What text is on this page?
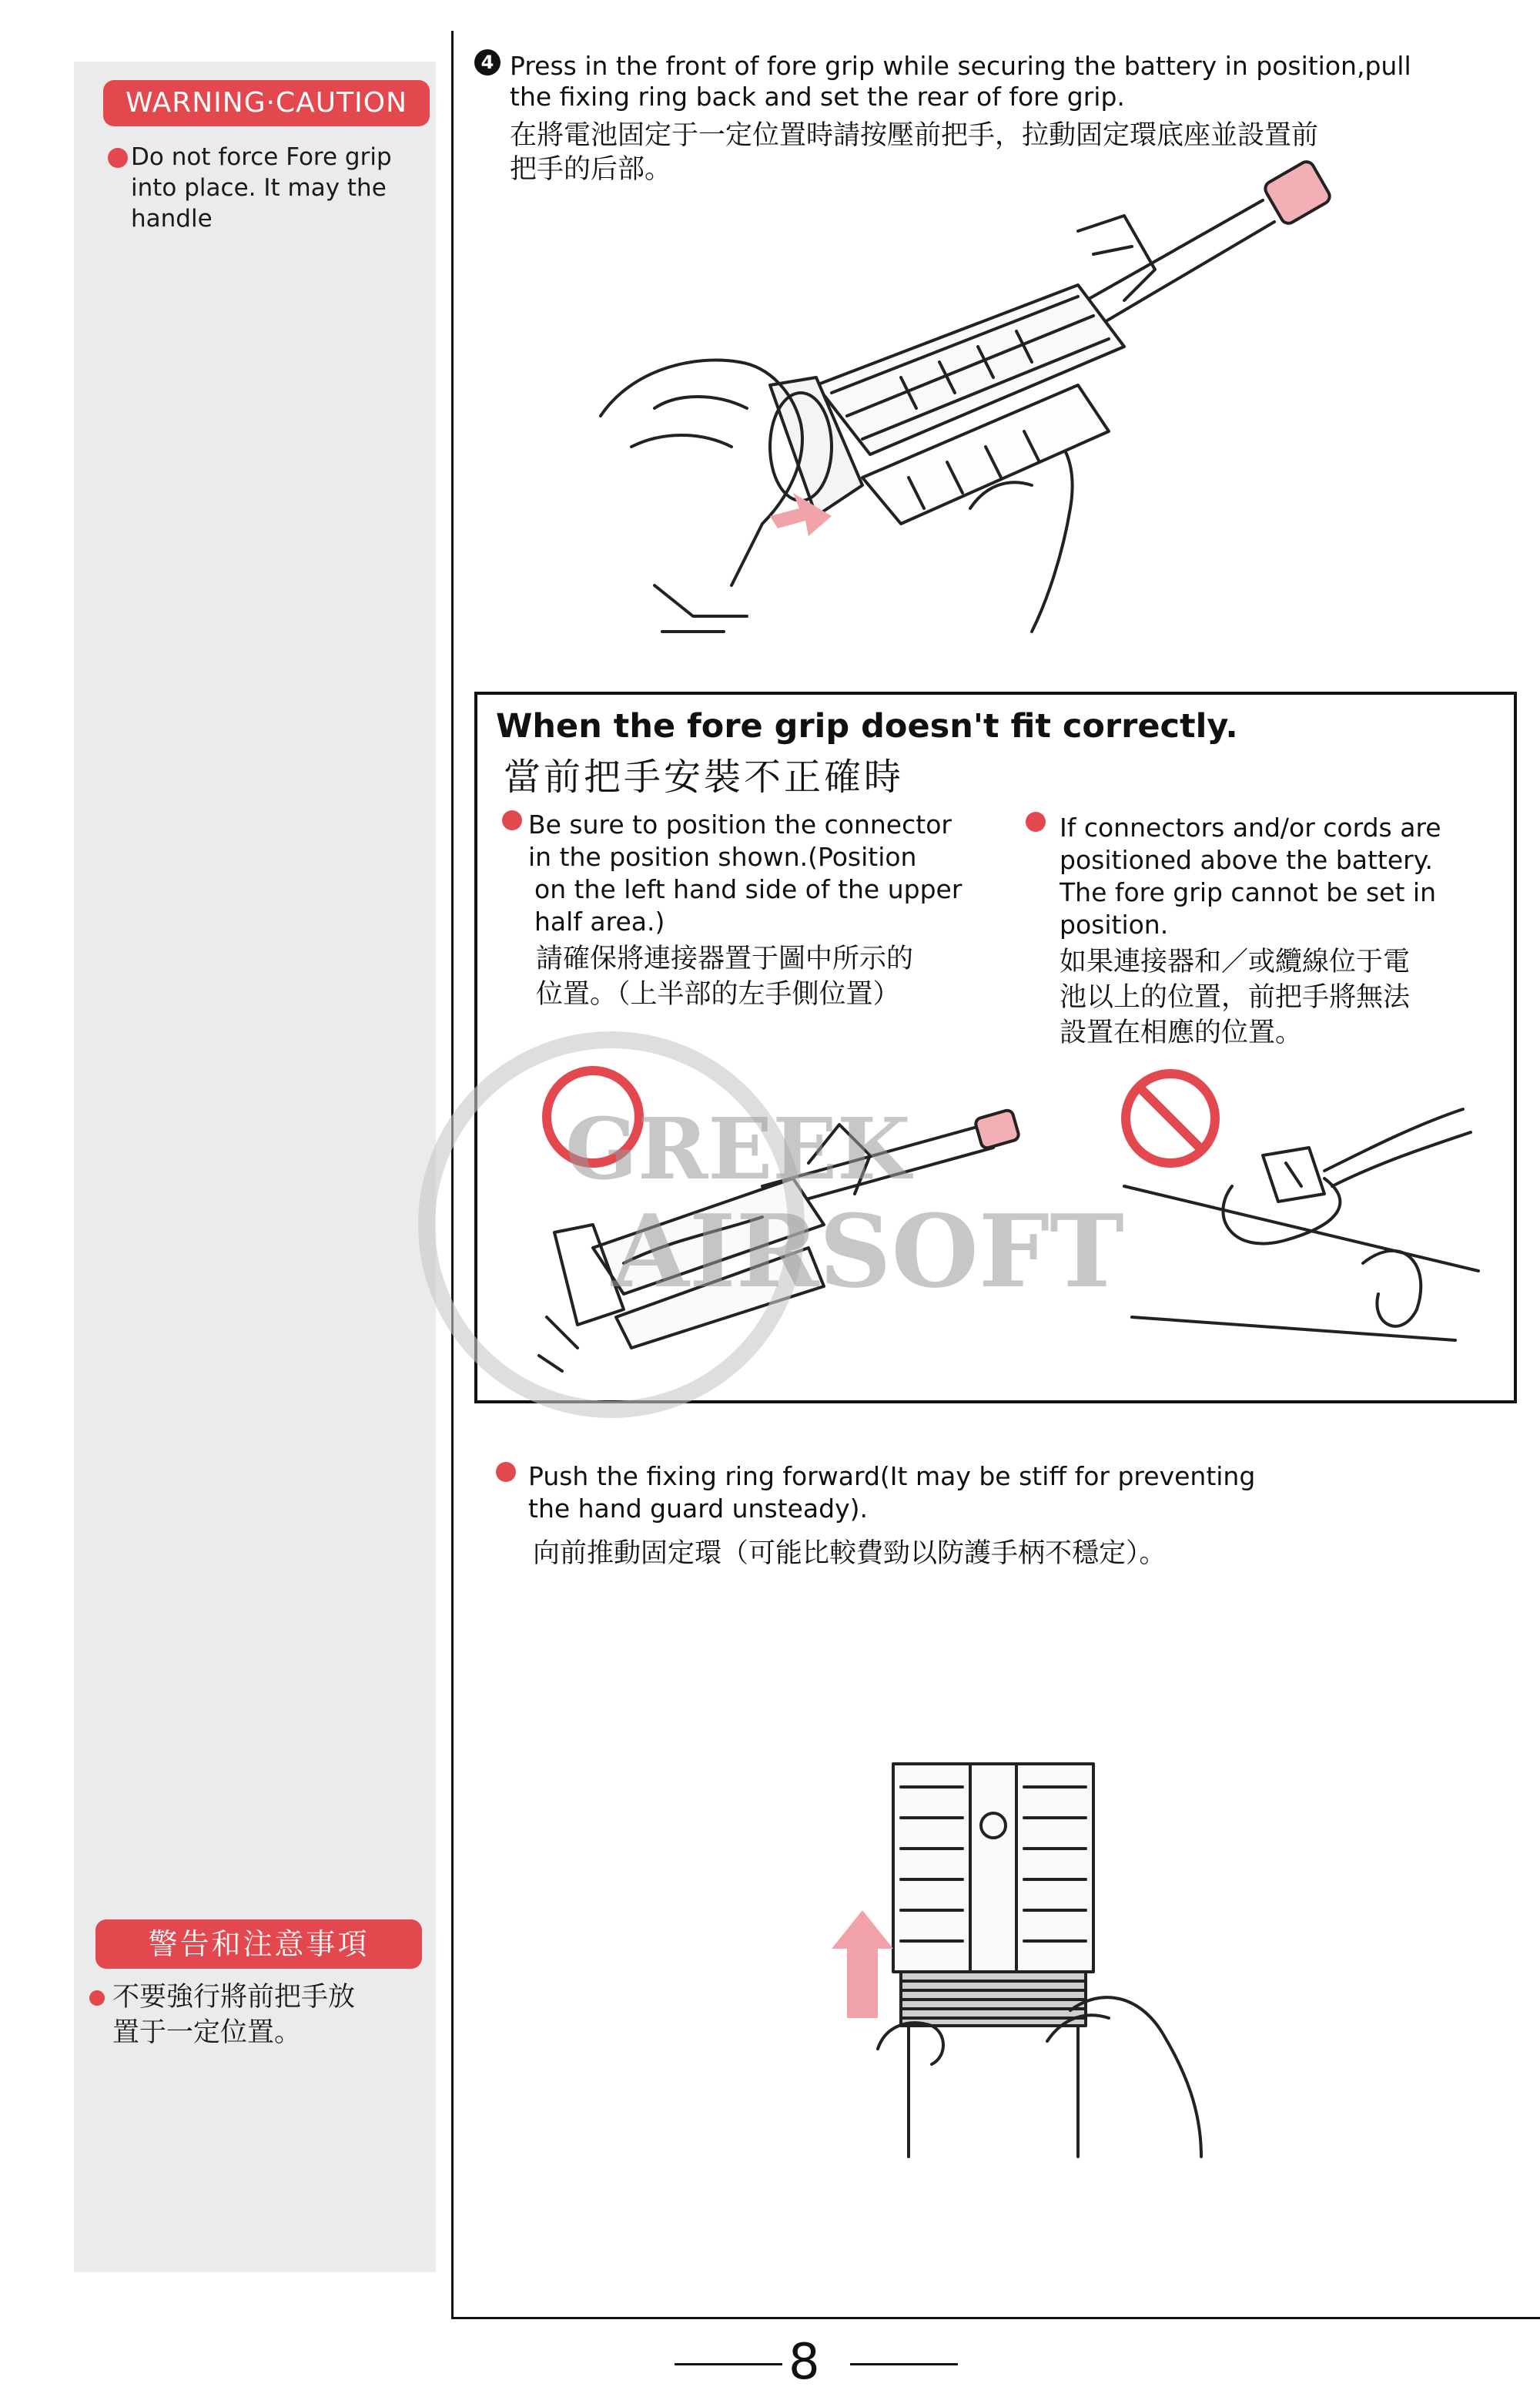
WARNING·CAUTION
Do not force Fore grip
into place. It may the
handle
警告和注意事項
不要強行將前把手放
置于一定位置。
4 Press in the front of fore grip while securing the battery in position,pull
the fixing ring back and set the rear of fore grip.
在將電池固定于一定位置時請按壓前把手，拉動固定環底座並設置前
把手的后部。
When the fore grip doesn't fit correctly.
當前把手安裝不正確時
Be sure to position the connector
in the position shown.(Position
on the left hand side of the upper
half area.)
請確保將連接器置于圖中所示的
位置。（上半部的左手側位置）
If connectors and/or cords are
positioned above the battery.
The fore grip cannot be set in
position.
如果連接器和／或纜線位于電
池以上的位置，前把手將無法
設置在相應的位置。
GREEK
AIRSOFT
Push the fixing ring forward(It may be stiff for preventing
the hand guard unsteady).
向前推動固定環（可能比較費勁以防護手柄不穩定）。
8
